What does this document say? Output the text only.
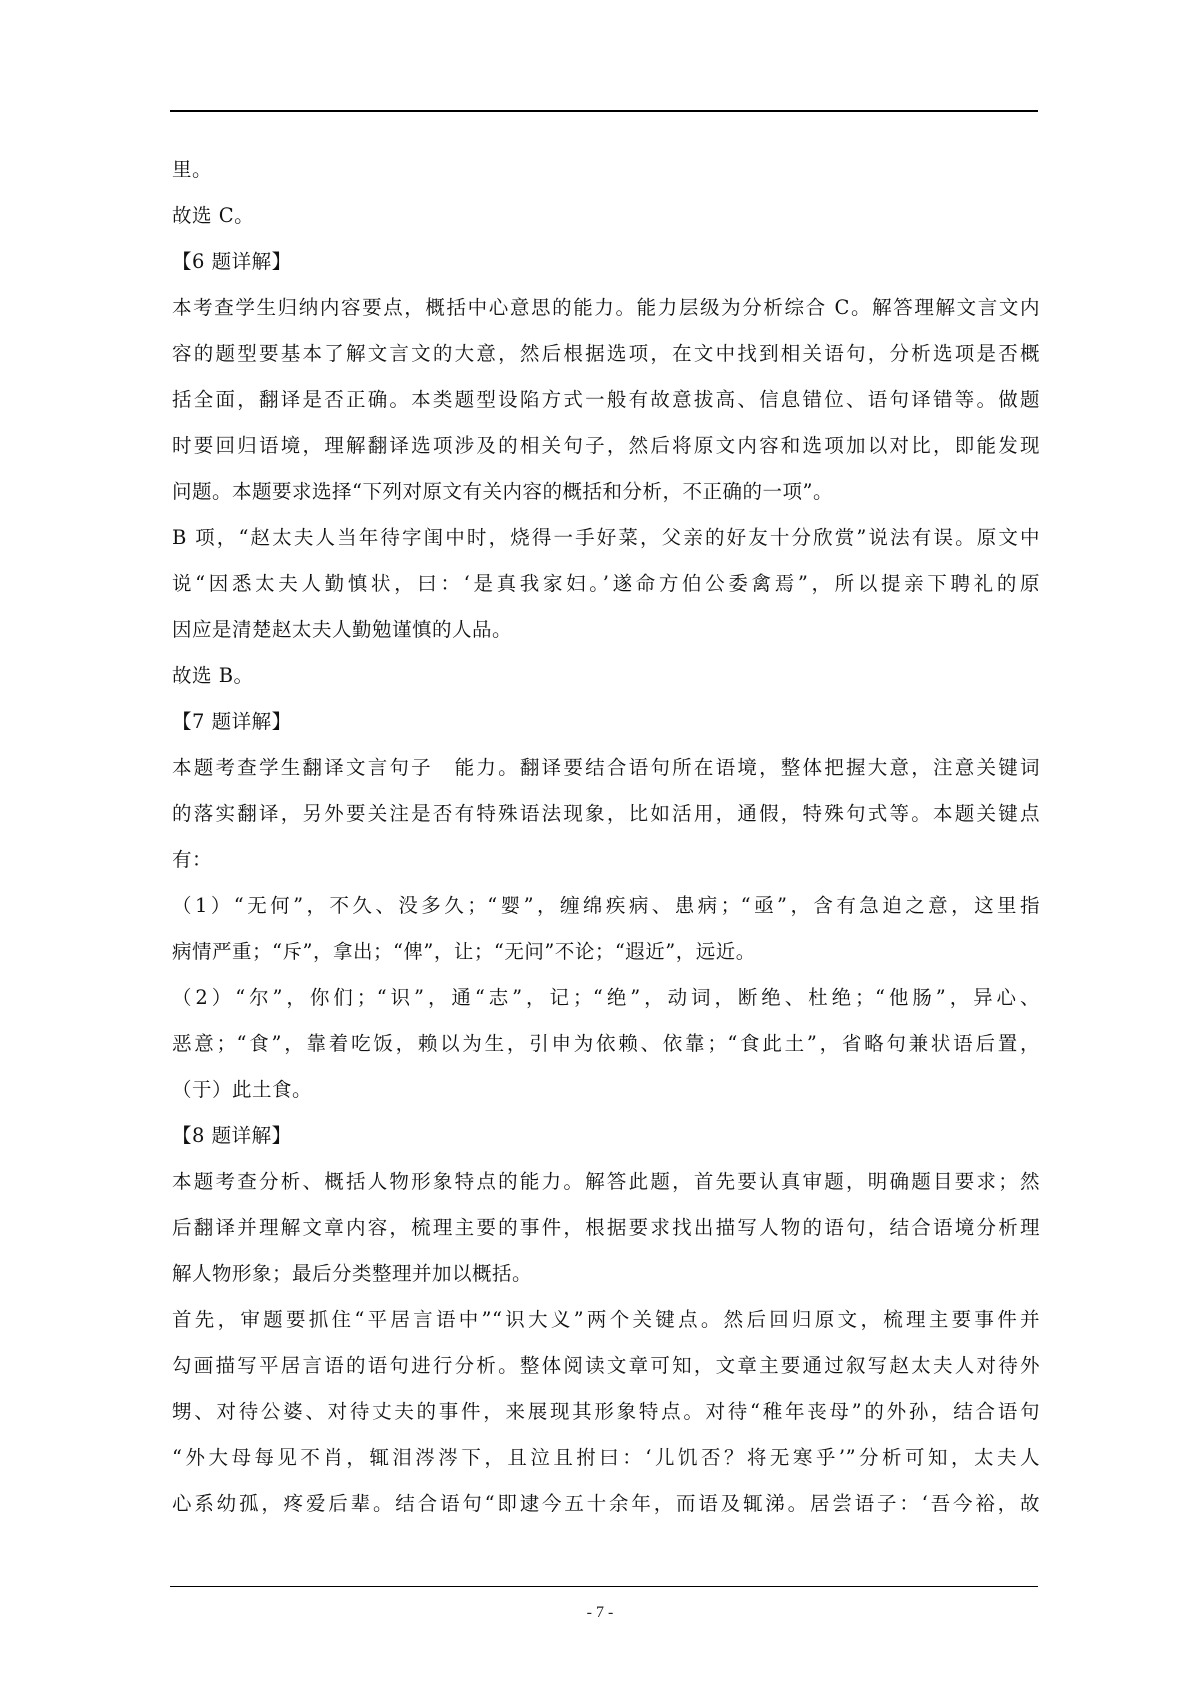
里。
故选 C。
【6 题详解】
本考查学生归纳内容要点，概括中心意思的能力。能力层级为分析综合 C。解答理解文言文内
容的题型要基本了解文言文的大意，然后根据选项，在文中找到相关语句，分析选项是否概
括全面，翻译是否正确。本类题型设陷方式一般有故意拔高、信息错位、语句译错等。做题
时要回归语境，理解翻译选项涉及的相关句子，然后将原文内容和选项加以对比，即能发现
问题。本题要求选择“下列对原文有关内容的概括和分析，不正确的一项”。
B 项，“赵太夫人当年待字闺中时，烧得一手好菜，父亲的好友十分欣赏”说法有误。原文中
说“因悉太夫人勤慎状，曰：‘是真我家妇。’遂命方伯公委禽焉”，所以提亲下聘礼的原
因应是清楚赵太夫人勤勉谨慎的人品。
故选 B。
【7 题详解】
本题考查学生翻译文言句子　能力。翻译要结合语句所在语境，整体把握大意，注意关键词
的落实翻译，另外要关注是否有特殊语法现象，比如活用，通假，特殊句式等。本题关键点
有：
（1）“无何”，不久、没多久；“婴”，缠绵疾病、患病；“亟”，含有急迫之意，这里指
病情严重；“斥”，拿出；“俾”，让；“无问”不论；“遐近”，远近。
（2）“尔”，你们；“识”，通“志”，记；“绝”，动词，断绝、杜绝；“他肠”，异心、
恶意；“食”，靠着吃饭，赖以为生，引申为依赖、依靠；“食此土”，省略句兼状语后置，
（于）此土食。
【8 题详解】
本题考查分析、概括人物形象特点的能力。解答此题，首先要认真审题，明确题目要求；然
后翻译并理解文章内容，梳理主要的事件，根据要求找出描写人物的语句，结合语境分析理
解人物形象；最后分类整理并加以概括。
首先，审题要抓住“平居言语中”“识大义”两个关键点。然后回归原文，梳理主要事件并
勾画描写平居言语的语句进行分析。整体阅读文章可知，文章主要通过叙写赵太夫人对待外
甥、对待公婆、对待丈夫的事件，来展现其形象特点。对待“稚年丧母”的外孙，结合语句
“外大母每见不肖，辄泪涔涔下，且泣且拊曰：‘儿饥否？将无寒乎’”分析可知，太夫人
心系幼孤，疼爱后辈。结合语句“即逮今五十余年，而语及辄涕。居尝语子：‘吾今裕，故
- 7 -
